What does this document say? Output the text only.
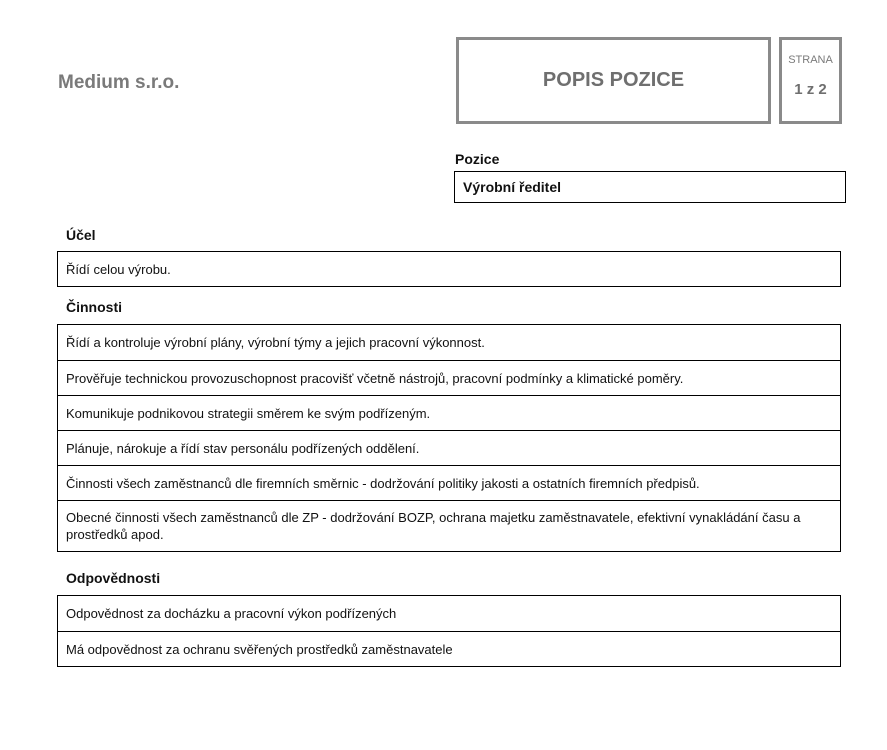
Medium s.r.o.	POPIS POZICE
STRANA
1 z 2
Pozice
Výrobní ředitel
Účel
Řídí celou výrobu.
Činnosti
Řídí a kontroluje výrobní plány, výrobní týmy a jejich pracovní výkonnost.
Prověřuje technickou provozuschopnost pracovišť včetně nástrojů, pracovní podmínky a klimatické poměry.
Komunikuje podnikovou strategii směrem ke svým podřízeným.
Plánuje, nárokuje a řídí stav personálu podřízených oddělení.
Činnosti všech zaměstnanců dle firemních směrnic - dodržování politiky jakosti a ostatních firemních předpisů.
Obecné činnosti všech zaměstnanců dle ZP - dodržování BOZP, ochrana majetku zaměstnavatele, efektivní vynakládání času a prostředků apod.
Odpovědnosti
Odpovědnost za docházku a pracovní výkon podřízených
Má odpovědnost za ochranu svěřených prostředků zaměstnavatele
